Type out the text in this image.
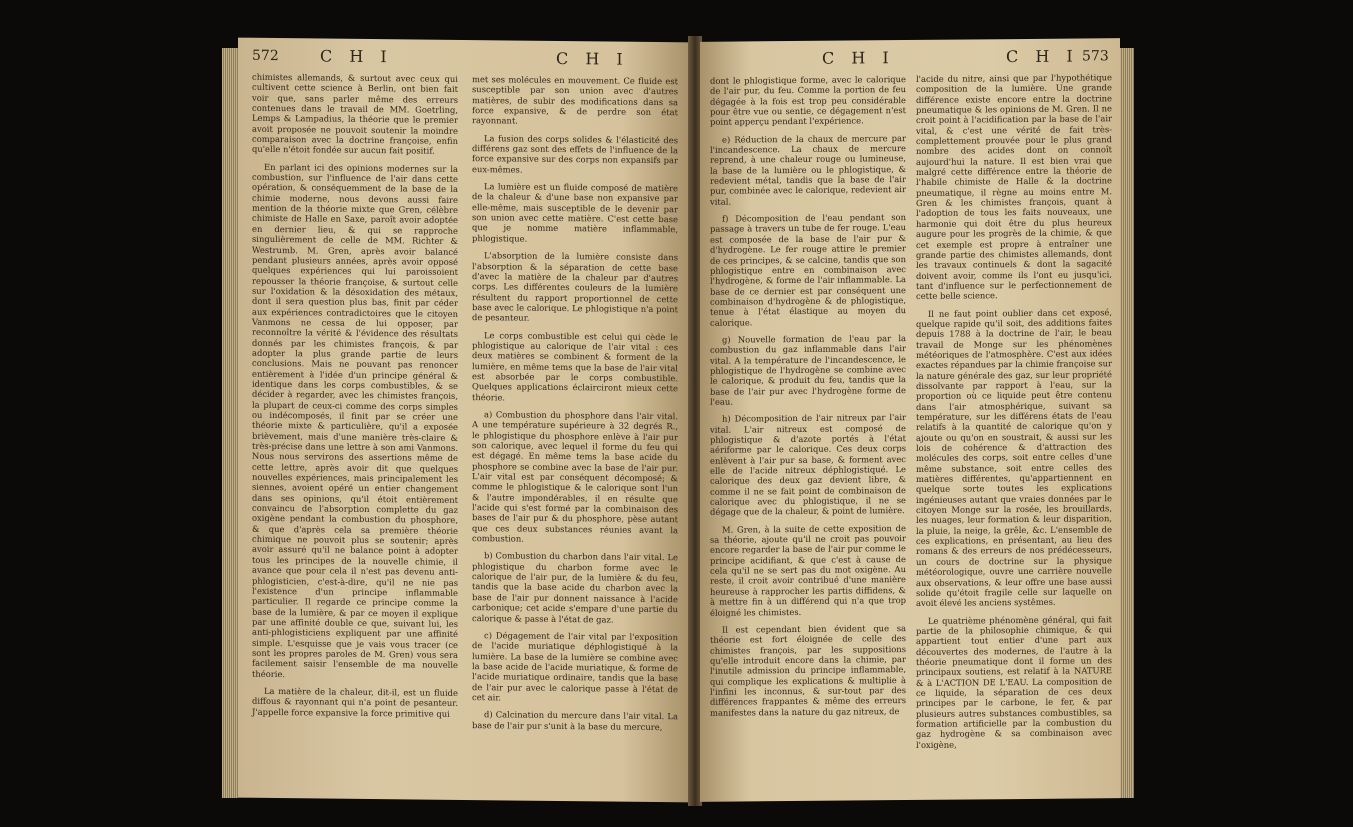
572	C H I	C H I

chimistes allemands, & surtout avec ceux qui cultivent cette science à Berlin, ont bien fait voir que, sans parler même des erreurs contenues dans le travail de MM. Goetrling, Lemps & Lampadius, la théorie que le premier avoit proposée ne pouvoit soutenir la moindre comparaison avec la doctrine françoise, enfin qu'elle n'étoit fondée sur aucun fait positif.

En parlant ici des opinions modernes sur la combustion, sur l'influence de l'air dans cette opération, & conséquemment de la base de la chimie moderne, nous devons aussi faire mention de la théorie mixte que Gren, célèbre chimiste de Halle en Saxe, paroît avoir adoptée en dernier lieu, & qui se rapproche singulièrement de celle de MM. Richter & Westrumb. M. Gren, après avoir balancé pendant plusieurs années, après avoir opposé quelques expériences qui lui paroissoient repousser la théorie françoise, & surtout celle sur l'oxidation & la désoxidation des métaux, dont il sera question plus bas, finit par céder aux expériences contradictoires que le citoyen Vanmons ne cessa de lui opposer, par reconnoître la vérité & l'évidence des résultats donnés par les chimistes françois, & par adopter la plus grande partie de leurs conclusions. Mais ne pouvant pas renoncer entièrement à l'idée d'un principe général & identique dans les corps combustibles, & se décider à regarder, avec les chimistes françois, la plupart de ceux-ci comme des corps simples ou indécomposés, il finit par se créer une théorie mixte & particulière, qu'il a exposée brièvement, mais d'une manière très-claire & très-précise dans une lettre à son ami Vanmons. Nous nous servirons des assertions même de cette lettre, après avoir dit que quelques nouvelles expériences, mais principalement les siennes, avoient opéré un entier changement dans ses opinions, qu'il étoit entièrement convaincu de l'absorption complette du gaz oxigène pendant la combustion du phosphore, & que d'après cela sa première théorie chimique ne pouvoit plus se soutenir; après avoir assuré qu'il ne balance point à adopter tous les principes de la nouvelle chimie, il avance que pour cela il n'est pas devenu anti-phlogisticien, c'est-à-dire, qu'il ne nie pas l'existence d'un principe inflammable particulier. Il regarde ce principe comme la base de la lumière, & par ce moyen il explique par une affinité double ce que, suivant lui, les anti-phlogisticiens expliquent par une affinité simple. L'esquisse que je vais vous tracer (ce sont les propres paroles de M. Gren) vous sera facilement saisir l'ensemble de ma nouvelle théorie.

La matière de la chaleur, dit-il, est un fluide diffous & rayonnant qui n'a point de pesanteur. J'appelle force expansive la force primitive qui

met ses molécules en mouvement. Ce fluide est susceptible par son union avec d'autres matières, de subir des modifications dans sa force expansive, & de perdre son état rayonnant.

La fusion des corps solides & l'élasticité des différens gaz sont des effets de l'influence de la force expansive sur des corps non expansifs par eux-mêmes.

La lumière est un fluide composé de matière de la chaleur & d'une base non expansive par elle-même, mais susceptible de le devenir par son union avec cette matière. C'est cette base que je nomme matière inflammable, phlogistique.

L'absorption de la lumière consiste dans l'absorption & la séparation de cette base d'avec la matière de la chaleur par d'autres corps. Les différentes couleurs de la lumière résultent du rapport proportionnel de cette base avec le calorique. Le phlogistique n'a point de pesanteur.

Le corps combustible est celui qui cède le phlogistique au calorique de l'air vital : ces deux matières se combinent & forment de la lumière, en même tems que la base de l'air vital est absorbée par le corps combustible. Quelques applications éclairciront mieux cette théorie.

a) Combustion du phosphore dans l'air vital. A une température supérieure à 32 degrés R., le phlogistique du phosphore enlève à l'air pur son calorique, avec lequel il forme du feu qui est dégagé. En même tems la base acide du phosphore se combine avec la base de l'air pur. L'air vital est par conséquent décomposé; & comme le phlogistique & le calorique sont l'un & l'autre impondérables, il en résulte que l'acide qui s'est formé par la combinaison des bases de l'air pur & du phosphore, pèse autant que ces deux substances réunies avant la combustion.

b) Combustion du charbon dans l'air vital. Le phlogistique du charbon forme avec le calorique de l'air pur, de la lumière & du feu, tandis que la base acide du charbon avec la base de l'air pur donnent naissance à l'acide carbonique; cet acide s'empare d'une partie du calorique & passe à l'état de gaz.

c) Dégagement de l'air vital par l'exposition de l'acide muriatique déphlogistiqué à la lumière. La base de la lumière se combine avec la base acide de l'acide muriatique, & forme de l'acide muriatique ordinaire, tandis que la base de l'air pur avec le calorique passe à l'état de cet air.

d) Calcination du mercure dans l'air vital. La base de l'air pur s'unit à la base du mercure,

C H I	C H I 573

dont le phlogistique forme, avec le calorique de l'air pur, du feu. Comme la portion de feu dégagée à la fois est trop peu considérable pour être vue ou sentie, ce dégagement n'est point apperçu pendant l'expérience.

e) Réduction de la chaux de mercure par l'incandescence. La chaux de mercure reprend, à une chaleur rouge ou lumineuse, la base de la lumière ou le phlogistique, & redevient métal, tandis que la base de l'air pur, combinée avec le calorique, redevient air vital.

f) Décomposition de l'eau pendant son passage à travers un tube de fer rouge. L'eau est composée de la base de l'air pur & d'hydrogène. Le fer rouge attire le premier de ces principes, & se calcine, tandis que son phlogistique entre en combinaison avec l'hydrogène, & forme de l'air inflammable. La base de ce dernier est par conséquent une combinaison d'hydrogène & de phlogistique, tenue à l'état élastique au moyen du calorique.

g) Nouvelle formation de l'eau par la combustion du gaz inflammable dans l'air vital. A la température de l'incandescence, le phlogistique de l'hydrogène se combine avec le calorique, & produit du feu, tandis que la base de l'air pur avec l'hydrogène forme de l'eau.

h) Décomposition de l'air nitreux par l'air vital. L'air nitreux est composé de phlogistique & d'azote portés à l'état aériforme par le calorique. Ces deux corps enlèvent à l'air pur sa base, & forment avec elle de l'acide nitreux déphlogistiqué. Le calorique des deux gaz devient libre, & comme il ne se fait point de combinaison de calorique avec du phlogistique, il ne se dégage que de la chaleur, & point de lumière.

M. Gren, à la suite de cette exposition de sa théorie, ajoute qu'il ne croit pas pouvoir encore regarder la base de l'air pur comme le principe acidifiant, & que c'est à cause de cela qu'il ne se sert pas du mot oxigène. Au reste, il croit avoir contribué d'une manière heureuse à rapprocher les partis diffidens, & à mettre fin à un différend qui n'a que trop éloigné les chimistes.

Il est cependant bien évident que sa théorie est fort éloignée de celle des chimistes françois, par les suppositions qu'elle introduit encore dans la chimie, par l'inutile admission du principe inflammable, qui complique les explications & multiplie à l'infini les inconnus, & sur-tout par des différences frappantes & même des erreurs manifestes dans la nature du gaz nitreux, de

l'acide du nitre, ainsi que par l'hypothétique composition de la lumière. Une grande différence existe encore entre la doctrine pneumatique & les opinions de M. Gren. Il ne croit point à l'acidification par la base de l'air vital, & c'est une vérité de fait très-complettement prouvée pour le plus grand nombre des acides dont on connoît aujourd'hui la nature. Il est bien vrai que malgré cette différence entre la théorie de l'habile chimiste de Halle & la doctrine pneumatique, il règne au moins entre M. Gren & les chimistes françois, quant à l'adoption de tous les faits nouveaux, une harmonie qui doit être du plus heureux augure pour les progrès de la chimie, & que cet exemple est propre à entraîner une grande partie des chimistes allemands, dont les travaux continuels & dont la sagacité doivent avoir, comme ils l'ont eu jusqu'ici, tant d'influence sur le perfectionnement de cette belle science.

Il ne faut point oublier dans cet exposé, quelque rapide qu'il soit, des additions faites depuis 1788 à la doctrine de l'air, le beau travail de Monge sur les phénomènes météoriques de l'atmosphère. C'est aux idées exactes répandues par la chimie françoise sur la nature générale des gaz, sur leur propriété dissolvante par rapport à l'eau, sur la proportion où ce liquide peut être contenu dans l'air atmosphérique, suivant sa température, sur les différens états de l'eau relatifs à la quantité de calorique qu'on y ajoute ou qu'on en soustrait, & aussi sur les lois de cohérence & d'attraction des molécules des corps, soit entre celles d'une même substance, soit entre celles des matières différentes, qu'appartiennent en quelque sorte toutes les explications ingénieuses autant que vraies données par le citoyen Monge sur la rosée, les brouillards, les nuages, leur formation & leur disparition, la pluie, la neige, la grêle, &c. L'ensemble de ces explications, en présentant, au lieu des romans & des erreurs de nos prédécesseurs, un cours de doctrine sur la physique météorologique, ouvre une carrière nouvelle aux observations, & leur offre une base aussi solide qu'étoit fragile celle sur laquelle on avoit élevé les anciens systêmes.

Le quatrième phénomène général, qui fait partie de la philosophie chimique, & qui appartient tout entier d'une part aux découvertes des modernes, de l'autre à la théorie pneumatique dont il forme un des principaux soutiens, est relatif à la NATURE & à L'ACTION DE L'EAU. La composition de ce liquide, la séparation de ces deux principes par le carbone, le fer, & par plusieurs autres substances combustibles, sa formation artificielle par la combustion du gaz hydrogène & sa combinaison avec l'oxigène,
